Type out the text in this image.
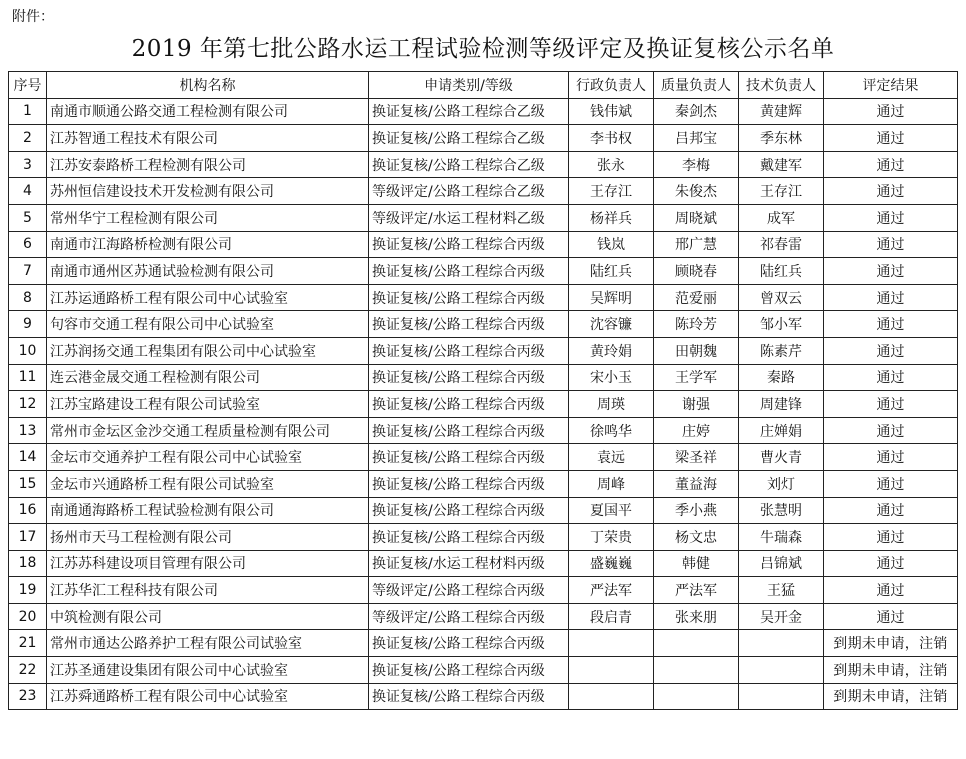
附件：
2019 年第七批公路水运工程试验检测等级评定及换证复核公示名单
序号	机构名称	申请类别/等级	行政负责人	质量负责人	技术负责人	评定结果
1	南通市顺通公路交通工程检测有限公司	换证复核/公路工程综合乙级	钱伟斌	秦剑杰	黄建辉	通过
2	江苏智通工程技术有限公司	换证复核/公路工程综合乙级	李书权	吕邦宝	季东林	通过
3	江苏安泰路桥工程检测有限公司	换证复核/公路工程综合乙级	张永	李梅	戴建军	通过
4	苏州恒信建设技术开发检测有限公司	等级评定/公路工程综合乙级	王存江	朱俊杰	王存江	通过
5	常州华宁工程检测有限公司	等级评定/水运工程材料乙级	杨祥兵	周晓斌	成军	通过
6	南通市江海路桥检测有限公司	换证复核/公路工程综合丙级	钱岚	邢广慧	祁春雷	通过
7	南通市通州区苏通试验检测有限公司	换证复核/公路工程综合丙级	陆红兵	顾晓春	陆红兵	通过
8	江苏运通路桥工程有限公司中心试验室	换证复核/公路工程综合丙级	吴辉明	范爱丽	曾双云	通过
9	句容市交通工程有限公司中心试验室	换证复核/公路工程综合丙级	沈容镰	陈玲芳	邹小军	通过
10	江苏润扬交通工程集团有限公司中心试验室	换证复核/公路工程综合丙级	黄玲娟	田朝魏	陈素芹	通过
11	连云港金晟交通工程检测有限公司	换证复核/公路工程综合丙级	宋小玉	王学军	秦路	通过
12	江苏宝路建设工程有限公司试验室	换证复核/公路工程综合丙级	周瑛	谢强	周建锋	通过
13	常州市金坛区金沙交通工程质量检测有限公司	换证复核/公路工程综合丙级	徐鸣华	庄婷	庄婵娟	通过
14	金坛市交通养护工程有限公司中心试验室	换证复核/公路工程综合丙级	袁远	梁圣祥	曹火青	通过
15	金坛市兴通路桥工程有限公司试验室	换证复核/公路工程综合丙级	周峰	董益海	刘灯	通过
16	南通通海路桥工程试验检测有限公司	换证复核/公路工程综合丙级	夏国平	季小燕	张慧明	通过
17	扬州市天马工程检测有限公司	换证复核/公路工程综合丙级	丁荣贵	杨文忠	牛瑞森	通过
18	江苏苏科建设项目管理有限公司	换证复核/水运工程材料丙级	盛巍巍	韩健	吕锦斌	通过
19	江苏华汇工程科技有限公司	等级评定/公路工程综合丙级	严法军	严法军	王猛	通过
20	中筑检测有限公司	等级评定/公路工程综合丙级	段启青	张来朋	吴开金	通过
21	常州市通达公路养护工程有限公司试验室	换证复核/公路工程综合丙级				到期未申请，注销
22	江苏圣通建设集团有限公司中心试验室	换证复核/公路工程综合丙级				到期未申请，注销
23	江苏舜通路桥工程有限公司中心试验室	换证复核/公路工程综合丙级				到期未申请，注销
